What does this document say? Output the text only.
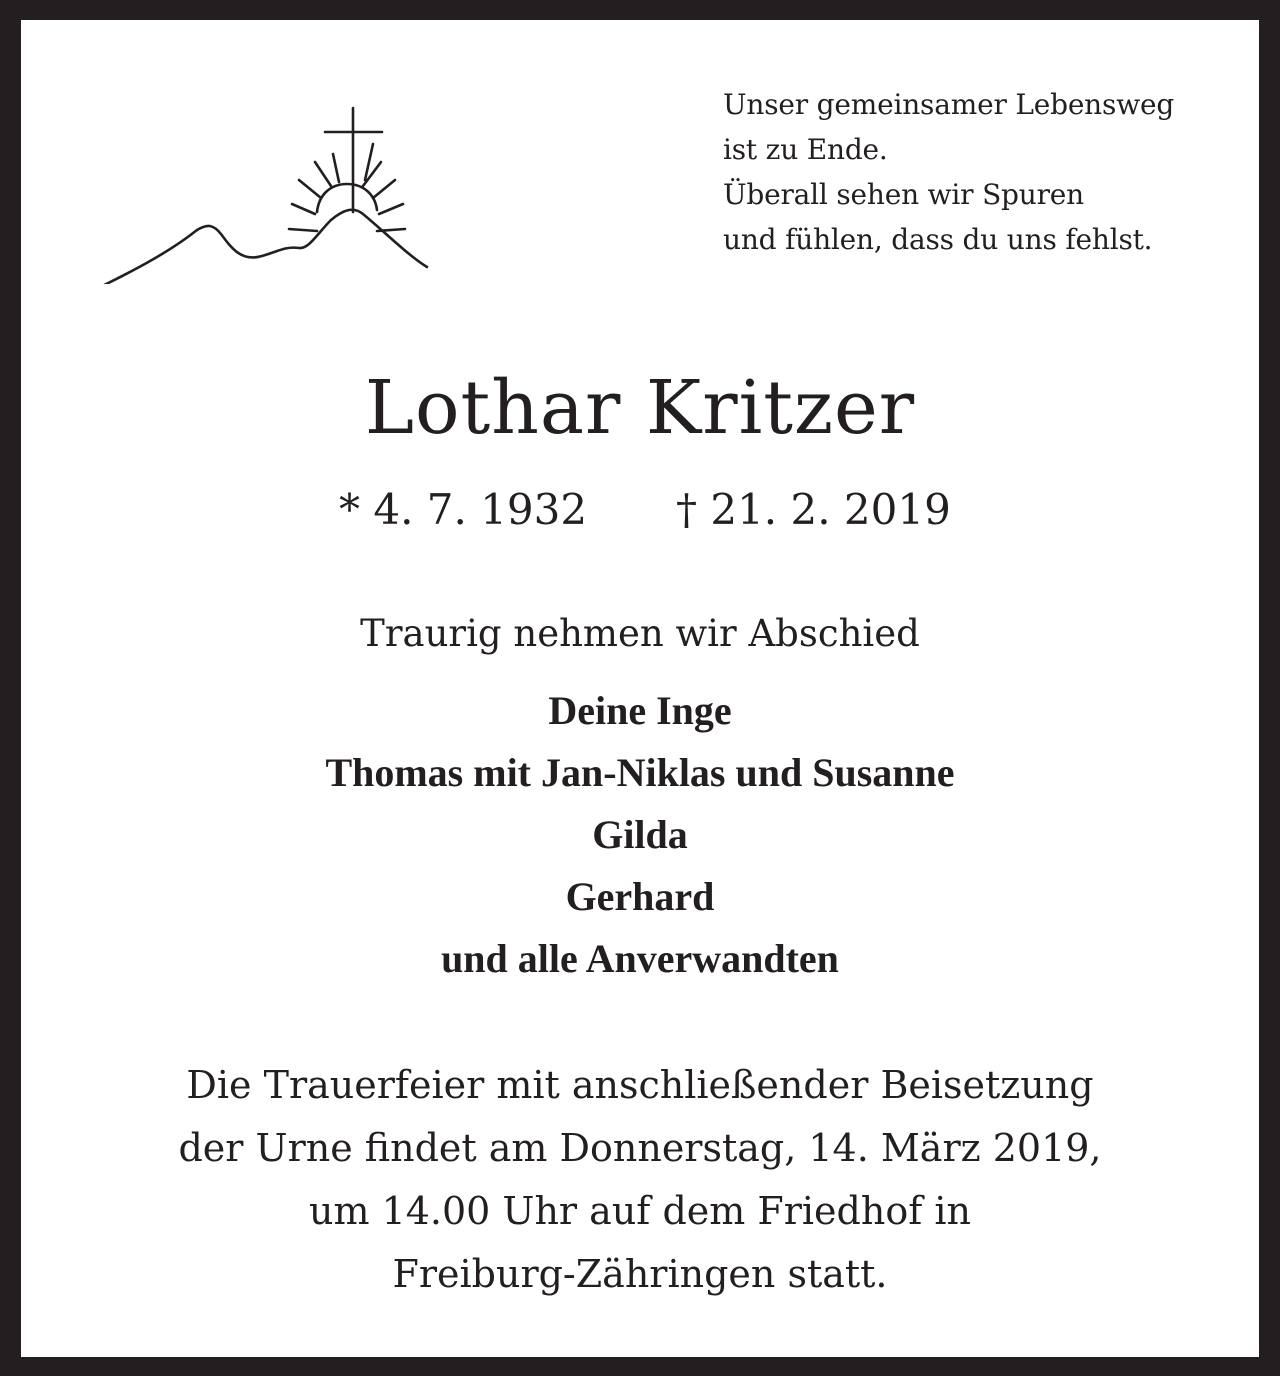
Unser gemeinsamer Lebensweg
ist zu Ende.
Überall sehen wir Spuren
und fühlen, dass du uns fehlst.
Lothar Kritzer
* 4. 7. 1932 † 21. 2. 2019
Traurig nehmen wir Abschied
Deine Inge
Thomas mit Jan-Niklas und Susanne
Gilda
Gerhard
und alle Anverwandten
Die Trauerfeier mit anschließender Beisetzung
der Urne findet am Donnerstag, 14. März 2019,
um 14.00 Uhr auf dem Friedhof in
Freiburg-Zähringen statt.
